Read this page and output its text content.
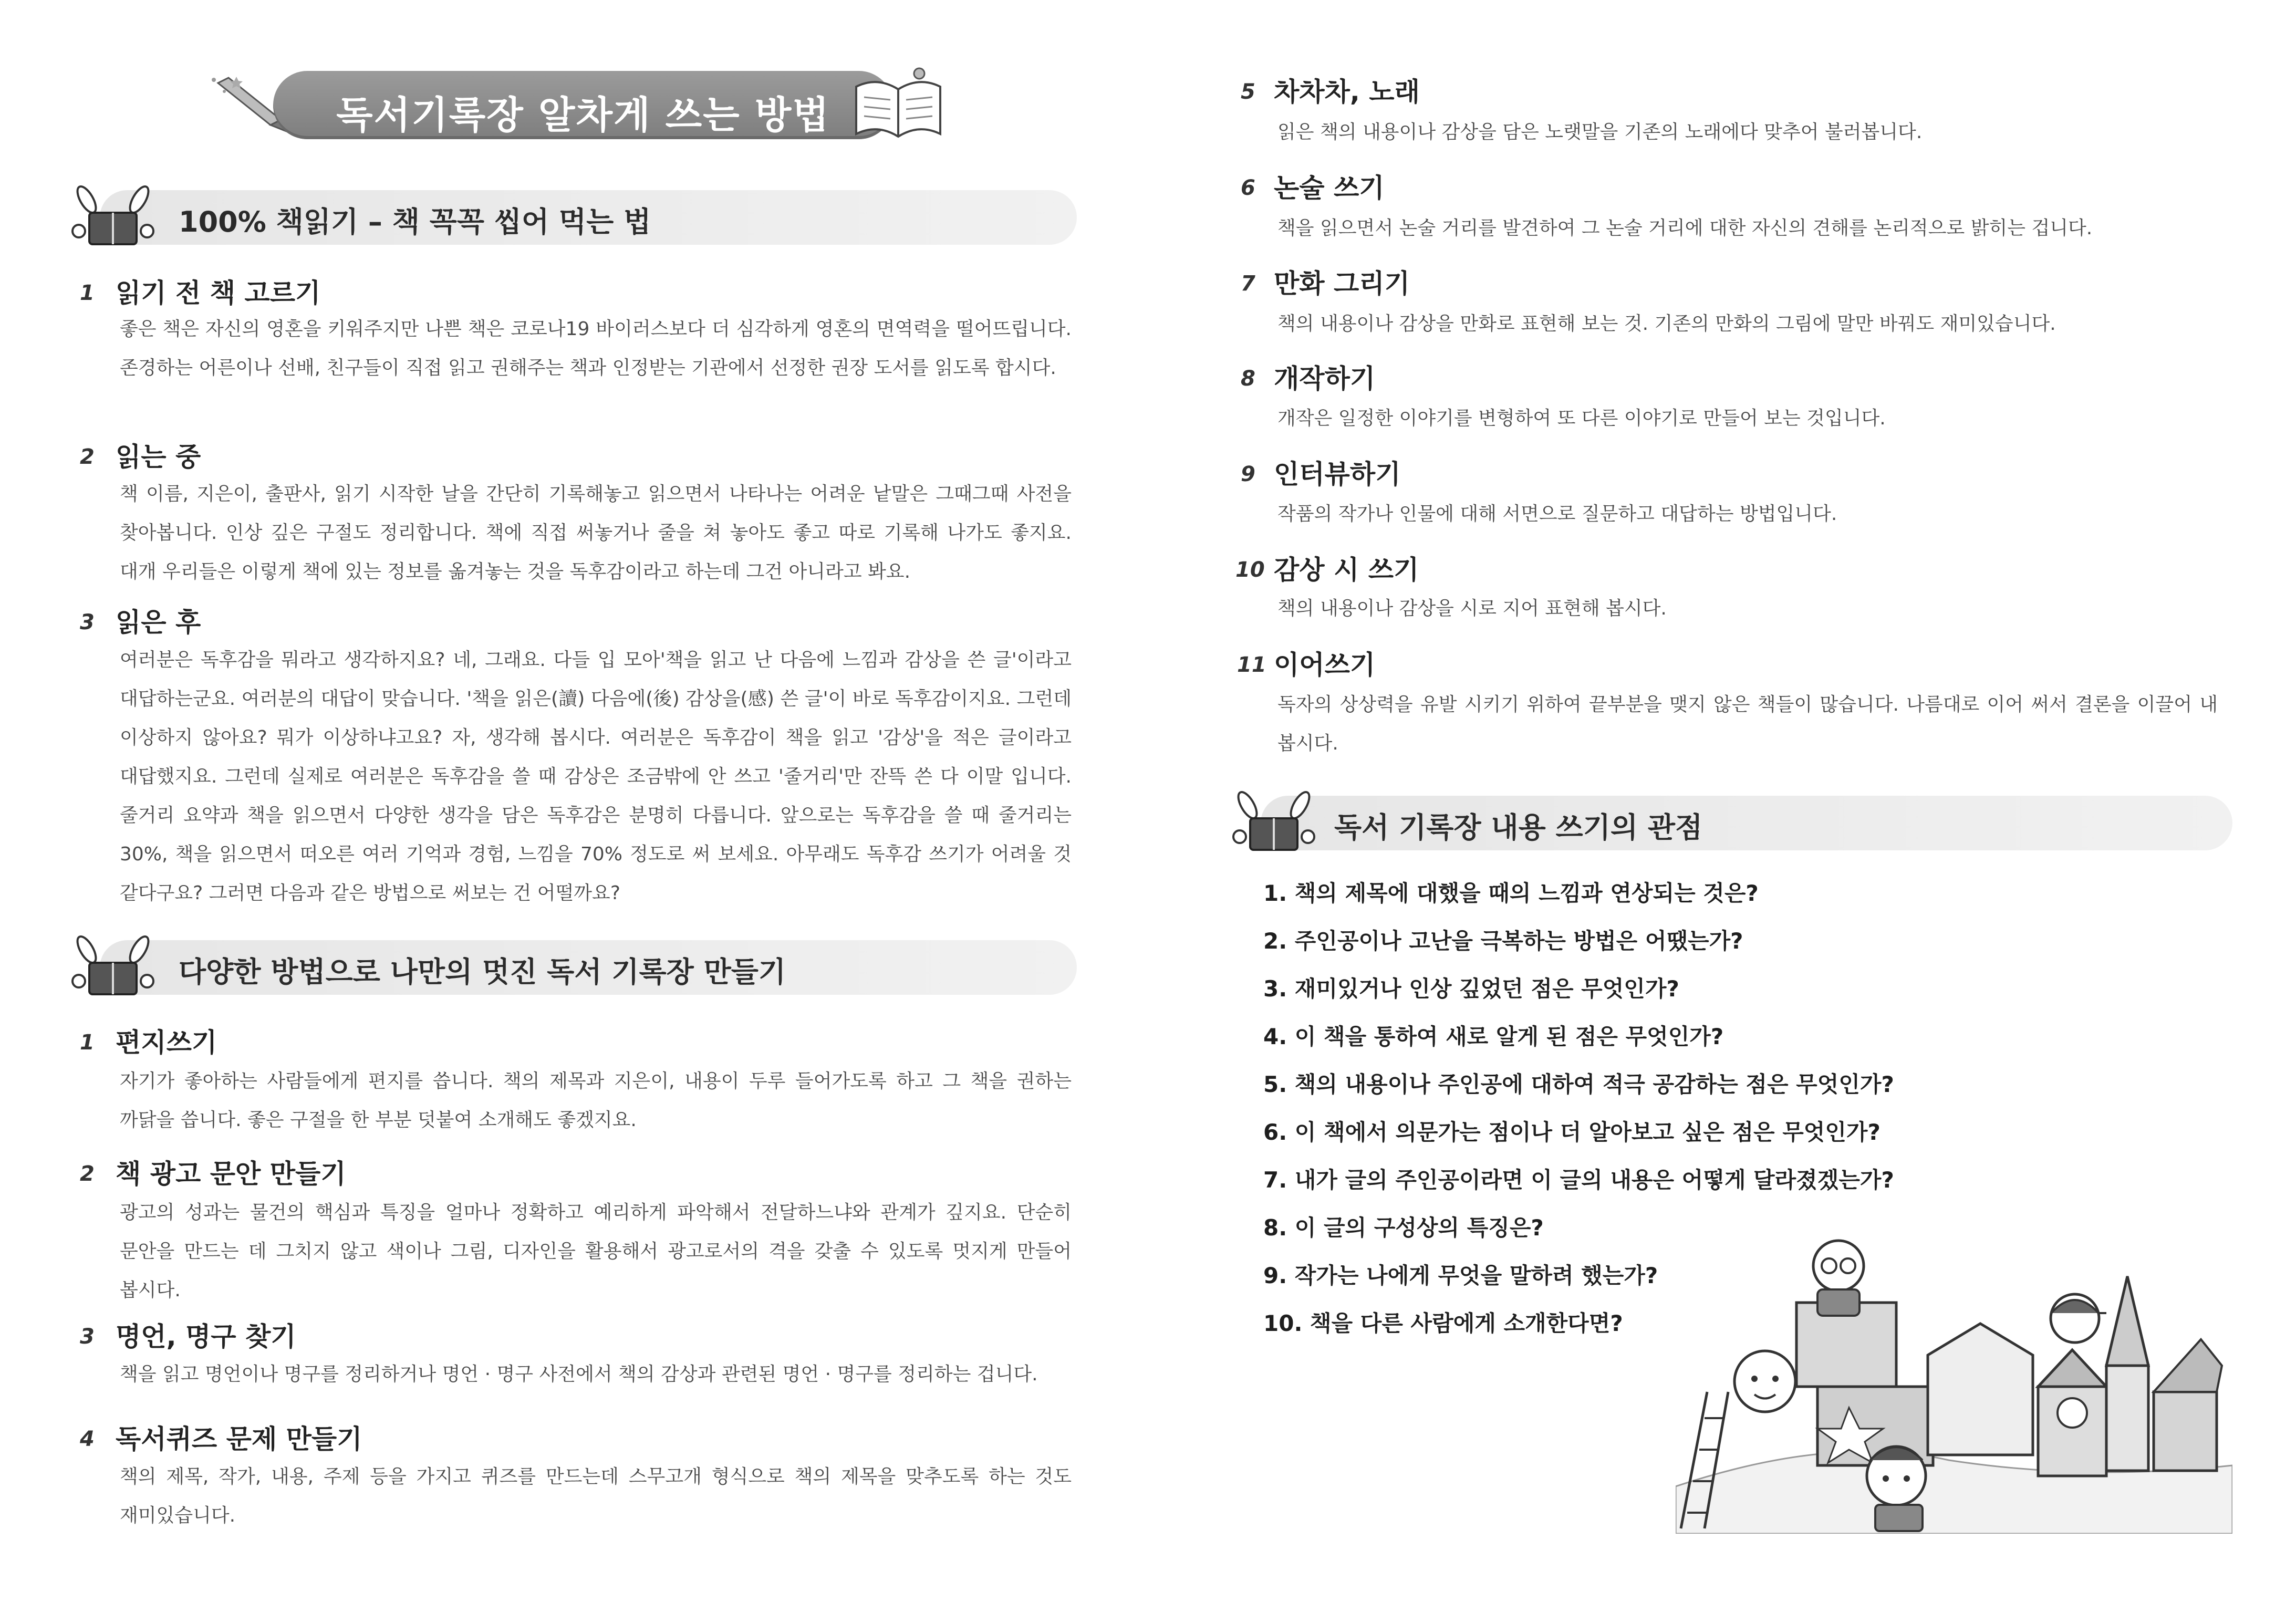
독서기록장 알차게 쓰는 방법
100% 책읽기 – 책 꼭꼭 씹어 먹는 법
1 읽기 전 책 고르기
좋은 책은 자신의 영혼을 키워주지만 나쁜 책은 코로나19 바이러스보다 더 심각하게 영혼의 면역력을 떨어뜨립니다. 존경하는 어른이나 선배, 친구들이 직접 읽고 권해주는 책과 인정받는 기관에서 선정한 권장 도서를 읽도록 합시다.
2 읽는 중
책 이름, 지은이, 출판사, 읽기 시작한 날을 간단히 기록해놓고 읽으면서 나타나는 어려운 낱말은 그때그때 사전을 찾아봅니다. 인상 깊은 구절도 정리합니다. 책에 직접 써놓거나 줄을 쳐 놓아도 좋고 따로 기록해 나가도 좋지요. 대개 우리들은 이렇게 책에 있는 정보를 옮겨놓는 것을 독후감이라고 하는데 그건 아니라고 봐요.
3 읽은 후
여러분은 독후감을 뭐라고 생각하지요? 네, 그래요. 다들 입 모아'책을 읽고 난 다음에 느낌과 감상을 쓴 글'이라고 대답하는군요. 여러분의 대답이 맞습니다. '책을 읽은(讀) 다음에(後) 감상을(感) 쓴 글'이 바로 독후감이지요. 그런데 이상하지 않아요? 뭐가 이상하냐고요? 자, 생각해 봅시다. 여러분은 독후감이 책을 읽고 '감상'을 적은 글이라고 대답했지요. 그런데 실제로 여러분은 독후감을 쓸 때 감상은 조금밖에 안 쓰고 '줄거리'만 잔뜩 쓴 다 이말 입니다. 줄거리 요약과 책을 읽으면서 다양한 생각을 담은 독후감은 분명히 다릅니다. 앞으로는 독후감을 쓸 때 줄거리는 30%, 책을 읽으면서 떠오른 여러 기억과 경험, 느낌을 70% 정도로 써 보세요. 아무래도 독후감 쓰기가 어려울 것 같다구요? 그러면 다음과 같은 방법으로 써보는 건 어떨까요?
다양한 방법으로 나만의 멋진 독서 기록장 만들기
1 편지쓰기
자기가 좋아하는 사람들에게 편지를 씁니다. 책의 제목과 지은이, 내용이 두루 들어가도록 하고 그 책을 권하는 까닭을 씁니다. 좋은 구절을 한 부분 덧붙여 소개해도 좋겠지요.
2 책 광고 문안 만들기
광고의 성과는 물건의 핵심과 특징을 얼마나 정확하고 예리하게 파악해서 전달하느냐와 관계가 깊지요. 단순히 문안을 만드는 데 그치지 않고 색이나 그림, 디자인을 활용해서 광고로서의 격을 갖출 수 있도록 멋지게 만들어 봅시다.
3 명언, 명구 찾기
책을 읽고 명언이나 명구를 정리하거나 명언 · 명구 사전에서 책의 감상과 관련된 명언 · 명구를 정리하는 겁니다.
4 독서퀴즈 문제 만들기
책의 제목, 작가, 내용, 주제 등을 가지고 퀴즈를 만드는데 스무고개 형식으로 책의 제목을 맞추도록 하는 것도 재미있습니다.
5 차차차, 노래
읽은 책의 내용이나 감상을 담은 노랫말을 기존의 노래에다 맞추어 불러봅니다.
6 논술 쓰기
책을 읽으면서 논술 거리를 발견하여 그 논술 거리에 대한 자신의 견해를 논리적으로 밝히는 겁니다.
7 만화 그리기
책의 내용이나 감상을 만화로 표현해 보는 것. 기존의 만화의 그림에 말만 바꿔도 재미있습니다.
8 개작하기
개작은 일정한 이야기를 변형하여 또 다른 이야기로 만들어 보는 것입니다.
9 인터뷰하기
작품의 작가나 인물에 대해 서면으로 질문하고 대답하는 방법입니다.
10 감상 시 쓰기
책의 내용이나 감상을 시로 지어 표현해 봅시다.
11 이어쓰기
독자의 상상력을 유발 시키기 위하여 끝부분을 맺지 않은 책들이 많습니다. 나름대로 이어 써서 결론을 이끌어 내 봅시다.
독서 기록장 내용 쓰기의 관점
1. 책의 제목에 대했을 때의 느낌과 연상되는 것은?
2. 주인공이나 고난을 극복하는 방법은 어땠는가?
3. 재미있거나 인상 깊었던 점은 무엇인가?
4. 이 책을 통하여 새로 알게 된 점은 무엇인가?
5. 책의 내용이나 주인공에 대하여 적극 공감하는 점은 무엇인가?
6. 이 책에서 의문가는 점이나 더 알아보고 싶은 점은 무엇인가?
7. 내가 글의 주인공이라면 이 글의 내용은 어떻게 달라졌겠는가?
8. 이 글의 구성상의 특징은?
9. 작가는 나에게 무엇을 말하려 했는가?
10. 책을 다른 사람에게 소개한다면?
